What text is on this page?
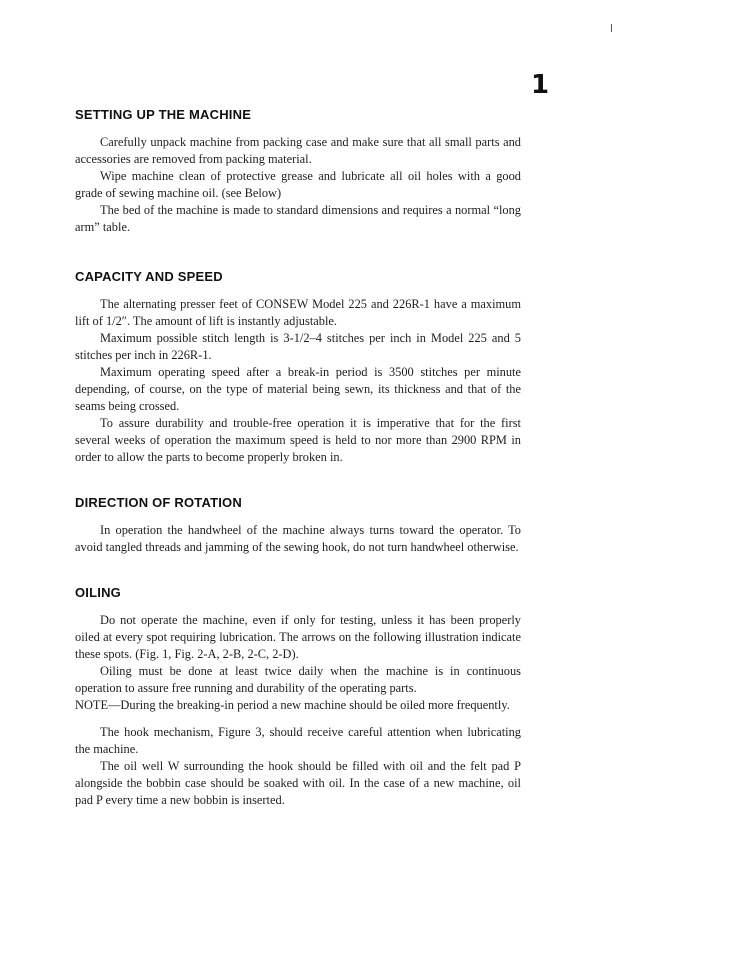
1
SETTING UP THE MACHINE

Carefully unpack machine from packing case and make sure that all small parts and accessories are removed from packing material.

Wipe machine clean of protective grease and lubricate all oil holes with a good grade of sewing machine oil. (see Below)

The bed of the machine is made to standard dimensions and requires a normal “long arm” table.

CAPACITY AND SPEED

The alternating presser feet of CONSEW Model 225 and 226R-1 have a maximum lift of 1/2″. The amount of lift is instantly adjustable.

Maximum possible stitch length is 3-1/2–4 stitches per inch in Model 225 and 5 stitches per inch in 226R-1.

Maximum operating speed after a break-in period is 3500 stitches per minute depending, of course, on the type of material being sewn, its thickness and that of the seams being crossed.

To assure durability and trouble-free operation it is imperative that for the first several weeks of operation the maximum speed is held to nor more than 2900 RPM in order to allow the parts to become properly broken in.

DIRECTION OF ROTATION

In operation the handwheel of the machine always turns toward the operator. To avoid tangled threads and jamming of the sewing hook, do not turn handwheel otherwise.

OILING

Do not operate the machine, even if only for testing, unless it has been properly oiled at every spot requiring lubrication. The arrows on the following illustration indicate these spots. (Fig. 1, Fig. 2-A, 2-B, 2-C, 2-D).

Oiling must be done at least twice daily when the machine is in continuous operation to assure free running and durability of the operating parts.

NOTE—During the breaking-in period a new machine should be oiled more frequently.

The hook mechanism, Figure 3, should receive careful attention when lubricating the machine.

The oil well W surrounding the hook should be filled with oil and the felt pad P alongside the bobbin case should be soaked with oil. In the case of a new machine, oil pad P every time a new bobbin is inserted.
